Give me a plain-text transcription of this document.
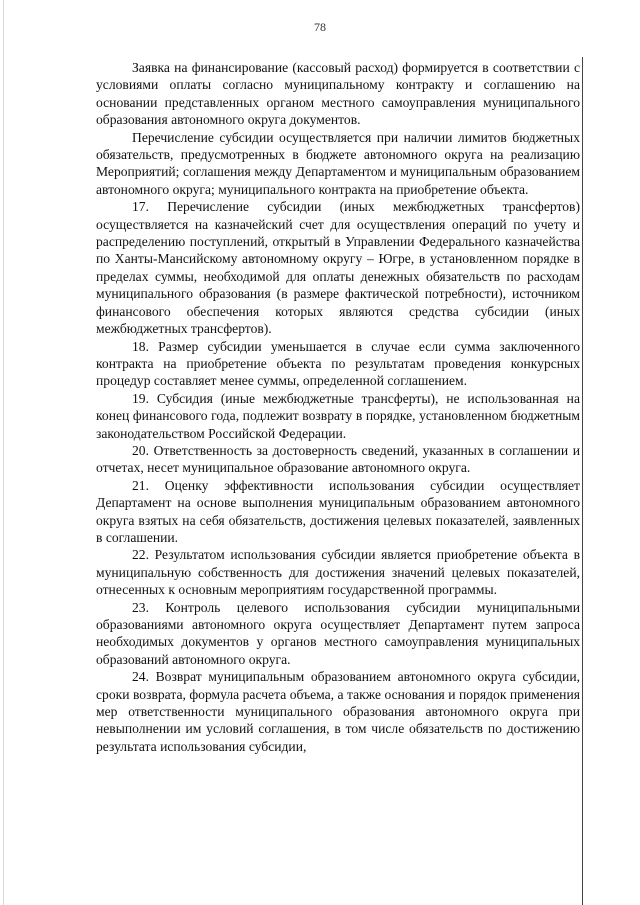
78

Заявка на финансирование (кассовый расход) формируется в соответствии с условиями оплаты согласно муниципальному контракту и соглашению на основании представленных органом местного самоуправления муниципального образования автономного округа документов.

Перечисление субсидии осуществляется при наличии лимитов бюджетных обязательств, предусмотренных в бюджете автономного округа на реализацию Мероприятий; соглашения между Департаментом и муниципальным образованием автономного округа; муниципального контракта на приобретение объекта.

17. Перечисление субсидии (иных межбюджетных трансфертов) осуществляется на казначейский счет для осуществления операций по учету и распределению поступлений, открытый в Управлении Федерального казначейства по Ханты-Мансийскому автономному округу – Югре, в установленном порядке в пределах суммы, необходимой для оплаты денежных обязательств по расходам муниципального образования (в размере фактической потребности), источником финансового обеспечения которых являются средства субсидии (иных межбюджетных трансфертов).

18. Размер субсидии уменьшается в случае если сумма заключенного контракта на приобретение объекта по результатам проведения конкурсных процедур составляет менее суммы, определенной соглашением.

19. Субсидия (иные межбюджетные трансферты), не использованная на конец финансового года, подлежит возврату в порядке, установленном бюджетным законодательством Российской Федерации.

20. Ответственность за достоверность сведений, указанных в соглашении и отчетах, несет муниципальное образование автономного округа.

21. Оценку эффективности использования субсидии осуществляет Департамент на основе выполнения муниципальным образованием автономного округа взятых на себя обязательств, достижения целевых показателей, заявленных в соглашении.

22. Результатом использования субсидии является приобретение объекта в муниципальную собственность для достижения значений целевых показателей, отнесенных к основным мероприятиям государственной программы.

23. Контроль целевого использования субсидии муниципальными образованиями автономного округа осуществляет Департамент путем запроса необходимых документов у органов местного самоуправления муниципальных образований автономного округа.

24. Возврат муниципальным образованием автономного округа субсидии, сроки возврата, формула расчета объема, а также основания и порядок применения мер ответственности муниципального образования автономного округа при невыполнении им условий соглашения, в том числе обязательств по достижению результата использования субсидии,
